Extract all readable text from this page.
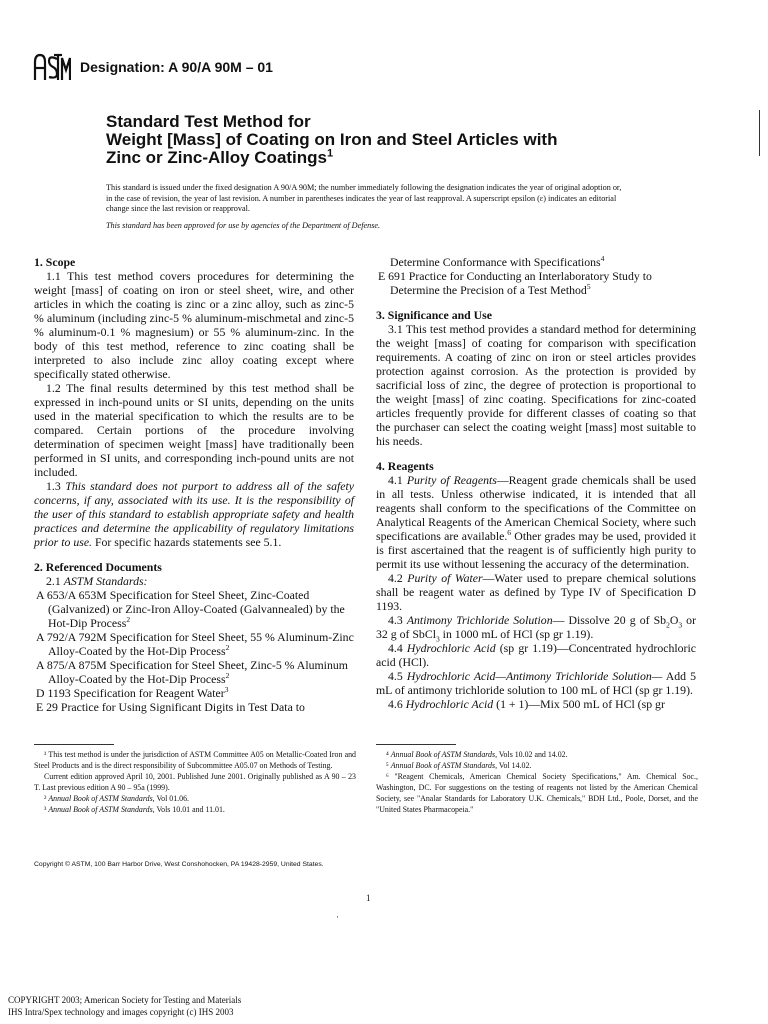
Designation: A 90/A 90M – 01
Standard Test Method for
Weight [Mass] of Coating on Iron and Steel Articles with
Zinc or Zinc-Alloy Coatings$^1$
This standard is issued under the fixed designation A 90/A 90M; the number immediately following the designation indicates the year of original adoption or, in the case of revision, the year of last revision. A number in parentheses indicates the year of last reapproval. A superscript epsilon (ε) indicates an editorial change since the last revision or reapproval.
This standard has been approved for use by agencies of the Department of Defense.

1. Scope

1.1 This test method covers procedures for determining the weight [mass] of coating on iron or steel sheet, wire, and other articles in which the coating is zinc or a zinc alloy, such as zinc-5 % aluminum (including zinc-5 % aluminum-mischmetal and zinc-5 % aluminum-0.1 % magnesium) or 55 % aluminum-zinc. In the body of this test method, reference to zinc coating shall be interpreted to also include zinc alloy coating except where specifically stated otherwise.

1.2 The final results determined by this test method shall be expressed in inch-pound units or SI units, depending on the units used in the material specification to which the results are to be compared. Certain portions of the procedure involving determination of specimen weight [mass] have traditionally been performed in SI units, and corresponding inch-pound units are not included.

1.3 This standard does not purport to address all of the safety concerns, if any, associated with its use. It is the responsibility of the user of this standard to establish appropriate safety and health practices and determine the applicability of regulatory limitations prior to use. For specific hazards statements see 5.1.

2. Referenced Documents

2.1 ASTM Standards:

A 653/A 653M Specification for Steel Sheet, Zinc-Coated (Galvanized) or Zinc-Iron Alloy-Coated (Galvannealed) by the Hot-Dip Process$^2$

A 792/A 792M Specification for Steel Sheet, 55 % Aluminum-Zinc Alloy-Coated by the Hot-Dip Process$^2$

A 875/A 875M Specification for Steel Sheet, Zinc-5 % Aluminum Alloy-Coated by the Hot-Dip Process$^2$

D 1193 Specification for Reagent Water$^3$

E 29 Practice for Using Significant Digits in Test Data to

Determine Conformance with Specifications$^4$

E 691 Practice for Conducting an Interlaboratory Study to Determine the Precision of a Test Method$^5$

3. Significance and Use

3.1 This test method provides a standard method for determining the weight [mass] of coating for comparison with specification requirements. A coating of zinc on iron or steel articles provides protection against corrosion. As the protection is provided by sacrificial loss of zinc, the degree of protection is proportional to the weight [mass] of zinc coating. Specifications for zinc-coated articles frequently provide for different classes of coating so that the purchaser can select the coating weight [mass] most suitable to his needs.

4. Reagents

4.1 Purity of Reagents—Reagent grade chemicals shall be used in all tests. Unless otherwise indicated, it is intended that all reagents shall conform to the specifications of the Committee on Analytical Reagents of the American Chemical Society, where such specifications are available.$^6$ Other grades may be used, provided it is first ascertained that the reagent is of sufficiently high purity to permit its use without lessening the accuracy of the determination.

4.2 Purity of Water—Water used to prepare chemical solutions shall be reagent water as defined by Type IV of Specification D 1193.

4.3 Antimony Trichloride Solution— Dissolve 20 g of $Sb_2O_3$ or 32 g of SbCl$_3$ in 1000 mL of HCl (sp gr 1.19).

4.4 Hydrochloric Acid (sp gr 1.19)—Concentrated hydrochloric acid (HCl).

4.5 Hydrochloric Acid—Antimony Trichloride Solution— Add 5 mL of antimony trichloride solution to 100 mL of HCl (sp gr 1.19).

4.6 Hydrochloric Acid (1 + 1)—Mix 500 mL of HCl (sp gr

¹ This test method is under the jurisdiction of ASTM Committee A05 on Metallic-Coated Iron and Steel Products and is the direct responsibility of Subcommittee A05.07 on Methods of Testing.

Current edition approved April 10, 2001. Published June 2001. Originally published as A 90 – 23 T. Last previous edition A 90 – 95a (1999).

² Annual Book of ASTM Standards, Vol 01.06.

³ Annual Book of ASTM Standards, Vols 10.01 and 11.01.

⁴ Annual Book of ASTM Standards, Vols 10.02 and 14.02.

⁵ Annual Book of ASTM Standards, Vol 14.02.

⁶ "Reagent Chemicals, American Chemical Society Specifications," Am. Chemical Soc., Washington, DC. For suggestions on the testing of reagents not listed by the American Chemical Society, see "Analar Standards for Laboratory U.K. Chemicals," BDH Ltd., Poole, Dorset, and the "United States Pharmacopeia."

Copyright © ASTM, 100 Barr Harbor Drive, West Conshohocken, PA 19428-2959, United States.
1
·
COPYRIGHT 2003; American Society for Testing and Materials
IHS Intra/Spex technology and images copyright (c) IHS 2003
